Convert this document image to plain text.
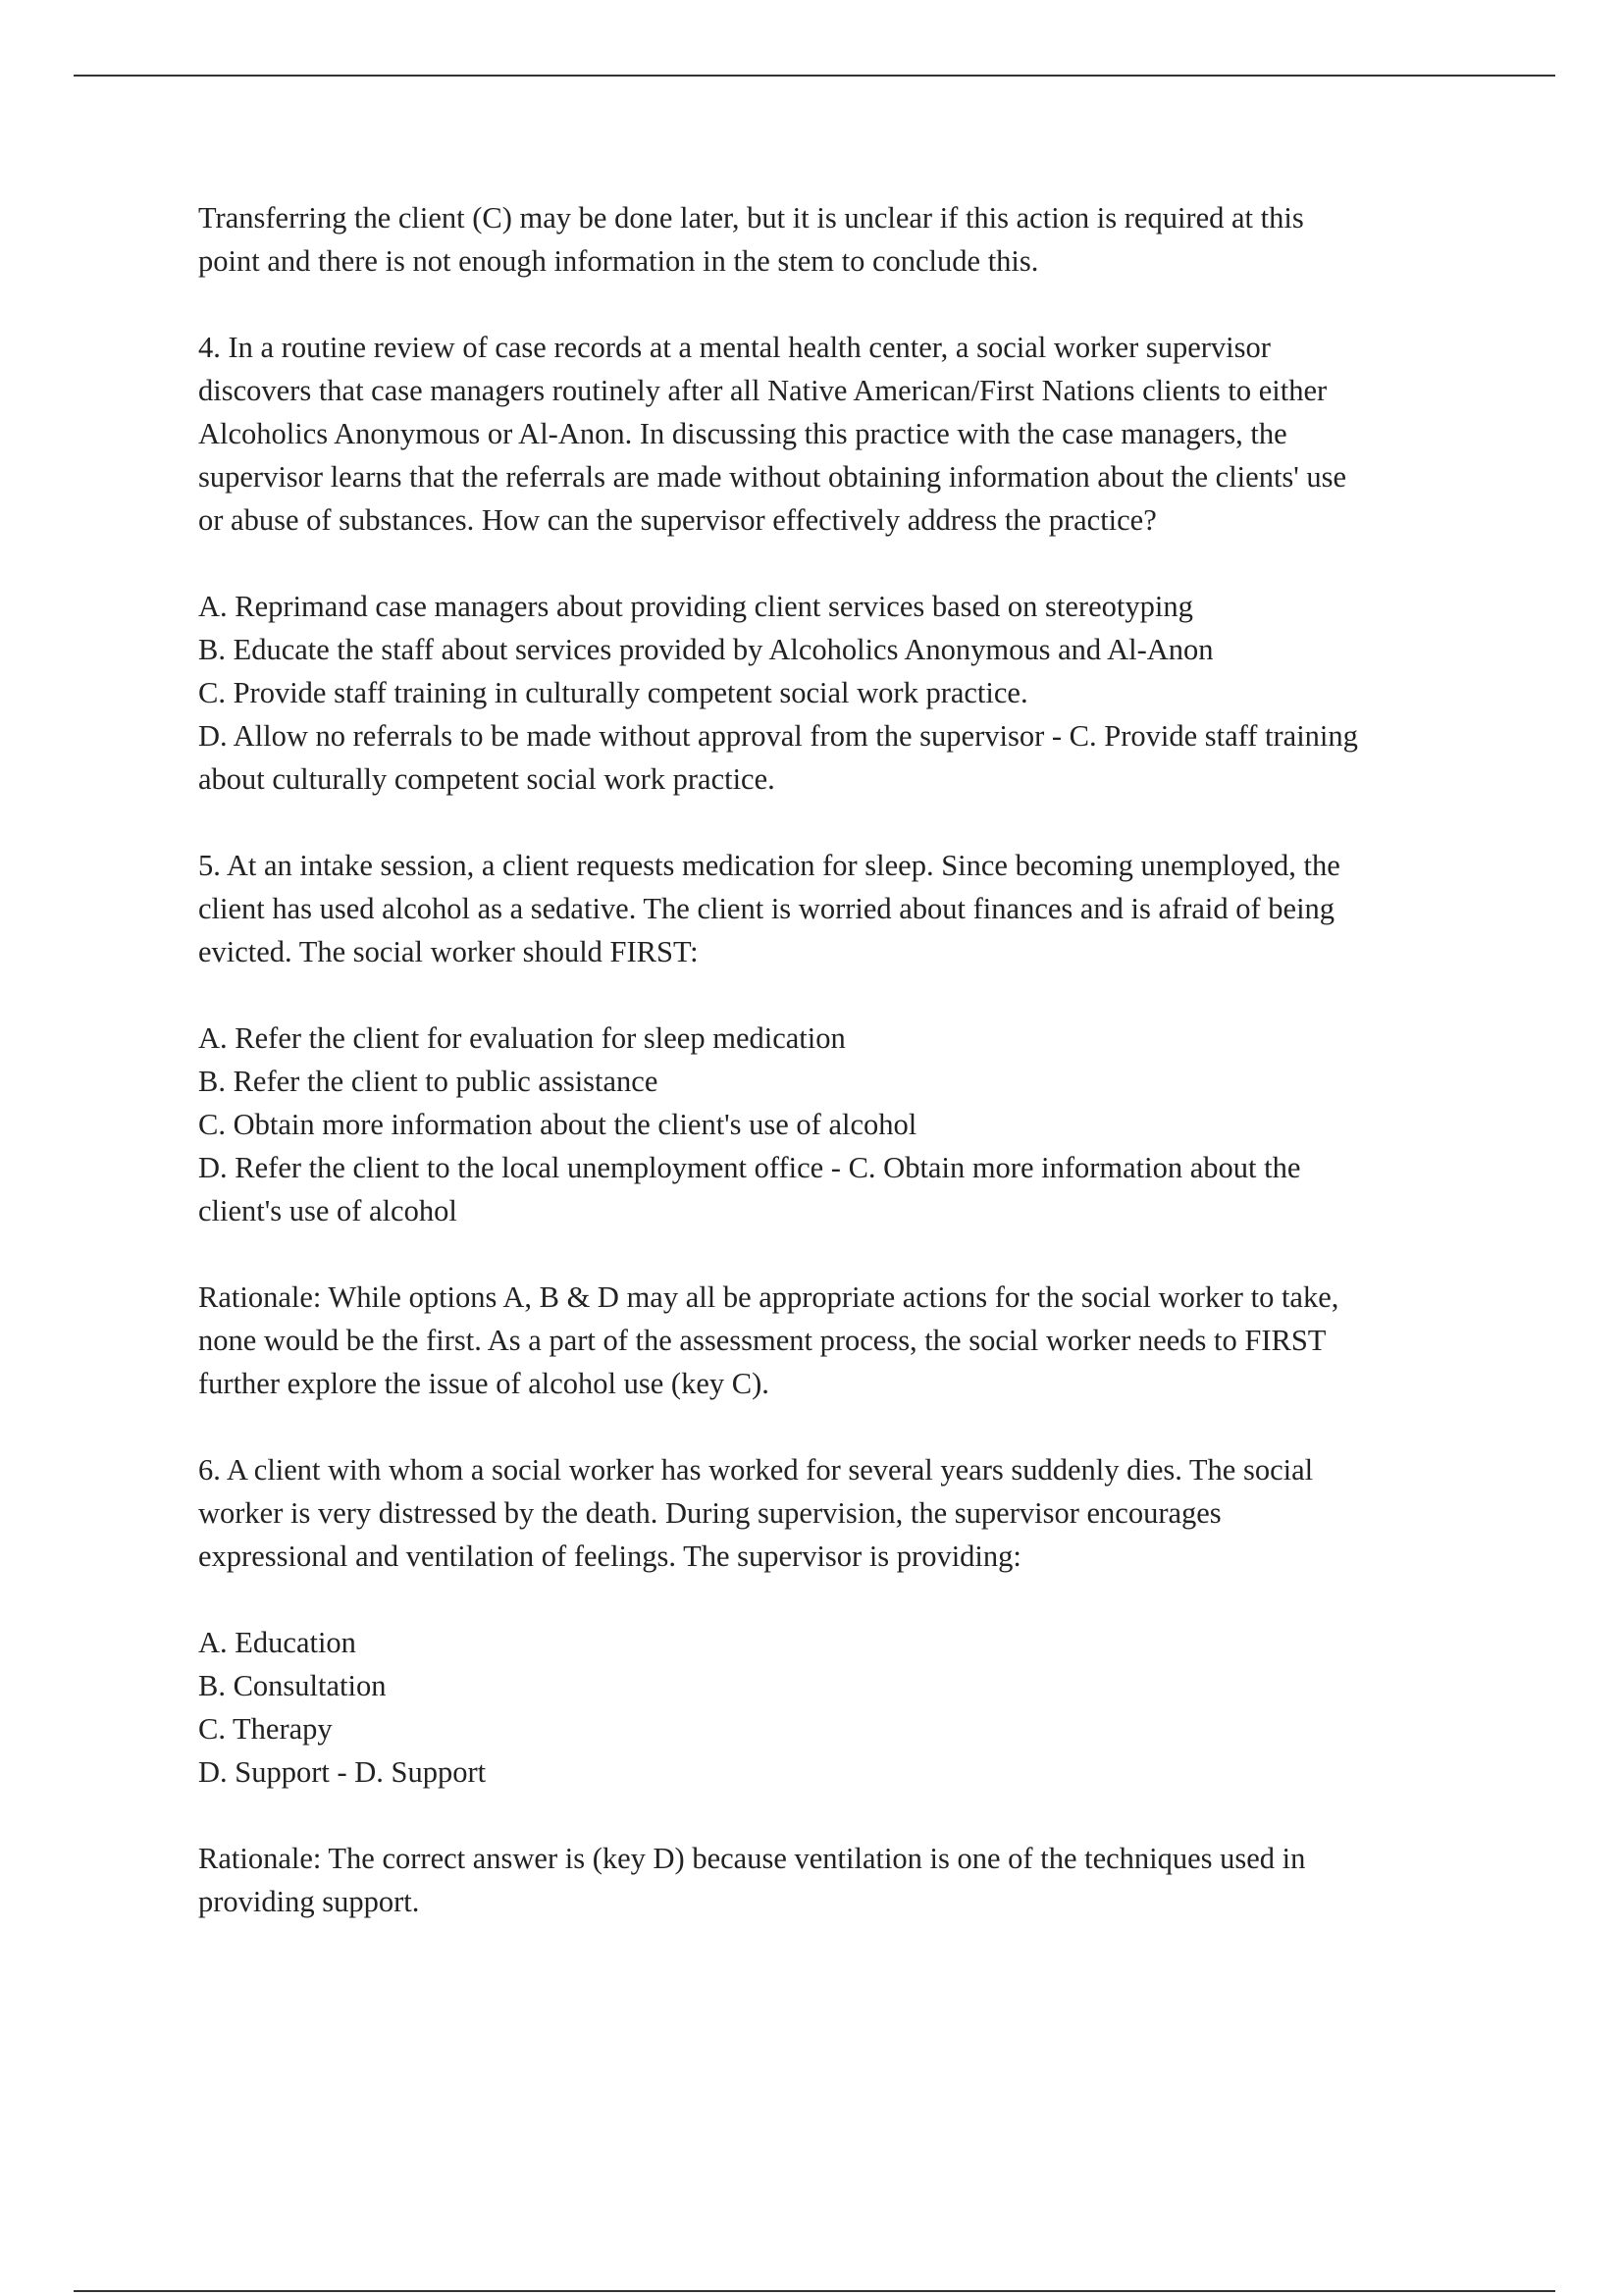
Transferring the client (C) may be done later, but it is unclear if this action is required at this
point and there is not enough information in the stem to conclude this.
4. In a routine review of case records at a mental health center, a social worker supervisor
discovers that case managers routinely after all Native American/First Nations clients to either
Alcoholics Anonymous or Al-Anon. In discussing this practice with the case managers, the
supervisor learns that the referrals are made without obtaining information about the clients' use
or abuse of substances. How can the supervisor effectively address the practice?
A. Reprimand case managers about providing client services based on stereotyping
B. Educate the staff about services provided by Alcoholics Anonymous and Al-Anon
C. Provide staff training in culturally competent social work practice.
D. Allow no referrals to be made without approval from the supervisor - C. Provide staff training
about culturally competent social work practice.
5. At an intake session, a client requests medication for sleep. Since becoming unemployed, the
client has used alcohol as a sedative. The client is worried about finances and is afraid of being
evicted. The social worker should FIRST:
A. Refer the client for evaluation for sleep medication
B. Refer the client to public assistance
C. Obtain more information about the client's use of alcohol
D. Refer the client to the local unemployment office - C. Obtain more information about the
client's use of alcohol
Rationale: While options A, B & D may all be appropriate actions for the social worker to take,
none would be the first. As a part of the assessment process, the social worker needs to FIRST
further explore the issue of alcohol use (key C).
6. A client with whom a social worker has worked for several years suddenly dies. The social
worker is very distressed by the death. During supervision, the supervisor encourages
expressional and ventilation of feelings. The supervisor is providing:
A. Education
B. Consultation
C. Therapy
D. Support - D. Support
Rationale: The correct answer is (key D) because ventilation is one of the techniques used in
providing support.
